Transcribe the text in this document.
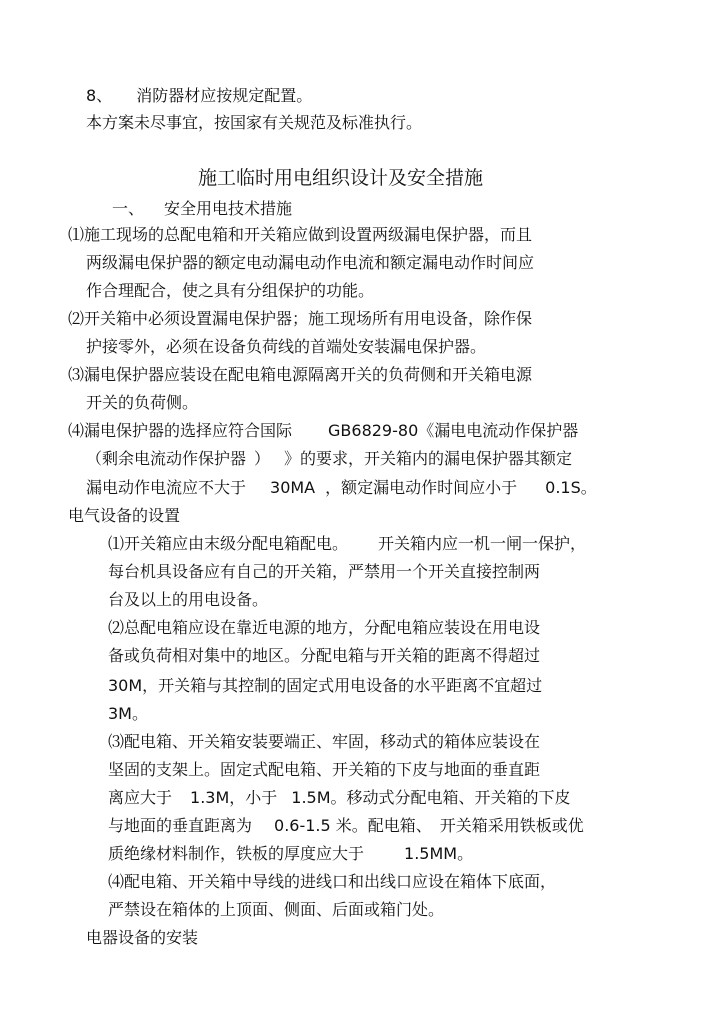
8、 消防器材应按规定配置。
本方案未尽事宜，按国家有关规范及标准执行。
施工临时用电组织设计及安全措施
一、 安全用电技术措施
⑴施工现场的总配电箱和开关箱应做到设置两级漏电保护器，而且
两级漏电保护器的额定电动漏电动作电流和额定漏电动作时间应
作合理配合，使之具有分组保护的功能。
⑵开关箱中必须设置漏电保护器；施工现场所有用电设备，除作保
护接零外，必须在设备负荷线的首端处安装漏电保护器。
⑶漏电保护器应装设在配电箱电源隔离开关的负荷侧和开关箱电源
开关的负荷侧。
⑷漏电保护器的选择应符合国际 GB6829-80《漏电电流动作保护器
（剩余电流动作保护器 ） 》的要求，开关箱内的漏电保护器其额定
漏电动作电流应不大于 30MA ，额定漏电动作时间应小于 0.1S。
电气设备的设置
⑴开关箱应由末级分配电箱配电。 开关箱内应一机一闸一保护，
每台机具设备应有自己的开关箱，严禁用一个开关直接控制两
台及以上的用电设备。
⑵总配电箱应设在靠近电源的地方，分配电箱应装设在用电设
备或负荷相对集中的地区。分配电箱与开关箱的距离不得超过
30M，开关箱与其控制的固定式用电设备的水平距离不宜超过
3M。
⑶配电箱、开关箱安装要端正、牢固，移动式的箱体应装设在
坚固的支架上。固定式配电箱、开关箱的下皮与地面的垂直距
离应大于 1.3M，小于 1.5M。移动式分配电箱、开关箱的下皮
与地面的垂直距离为 0.6-1.5 米。配电箱、 开关箱采用铁板或优
质绝缘材料制作，铁板的厚度应大于	1.5MM。
⑷配电箱、开关箱中导线的进线口和出线口应设在箱体下底面，
严禁设在箱体的上顶面、侧面、后面或箱门处。
电器设备的安装
